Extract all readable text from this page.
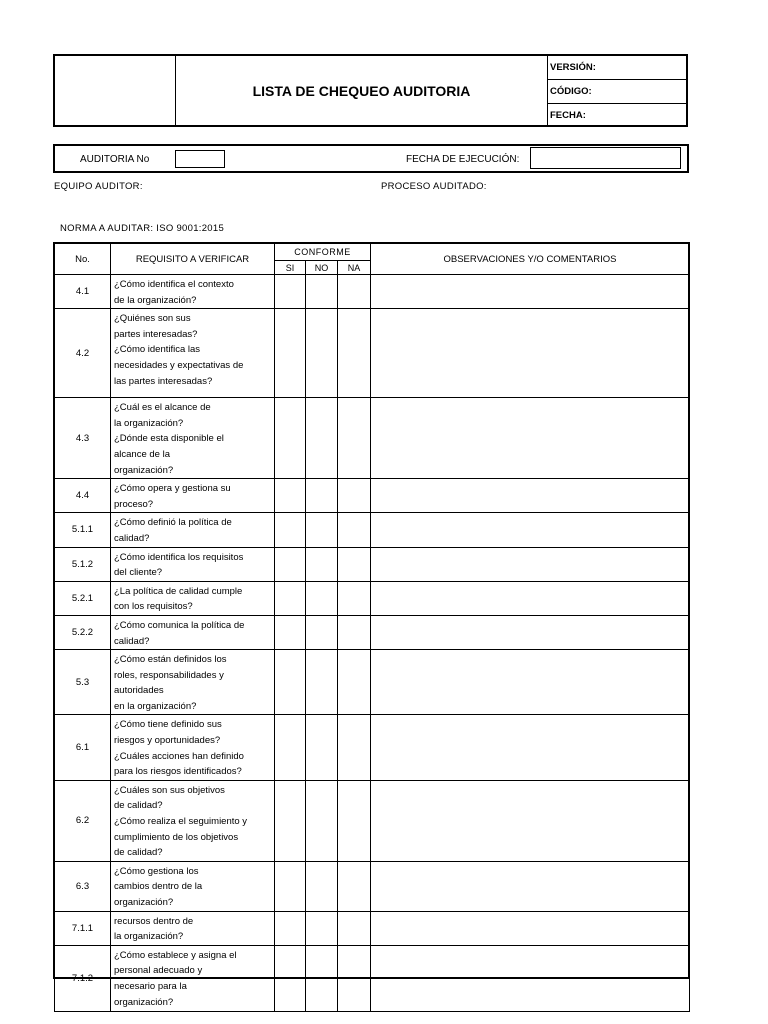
LISTA DE CHEQUEO AUDITORIA
VERSIÓN:
CÓDIGO:
FECHA:
AUDITORIA No	FECHA DE EJECUCIÓN:
EQUIPO AUDITOR:	PROCESO AUDITADO:
NORMA A AUDITAR: ISO 9001:2015
No.	REQUISITO A VERIFICAR	CONFORME			OBSERVACIONES Y/O COMENTARIOS
		SI	NO	NA	
4.1	¿Cómo identifica el contexto
de la organización?				
4.2	¿Quiénes son sus
partes interesadas?
¿Cómo identifica las
necesidades y expectativas de
las partes interesadas?				
4.3	¿Cuál es el alcance de
la organización?
¿Dónde esta disponible el
alcance de la
organización?				
4.4	¿Cómo opera y gestiona su
proceso?				
5.1.1	¿Cómo definió la política de
calidad?				
5.1.2	¿Cómo identifica los requisitos
del cliente?				
5.2.1	¿La política de calidad cumple
con los requisitos?				
5.2.2	¿Cómo comunica la política de
calidad?				
5.3	¿Cómo están definidos los
roles, responsabilidades y
autoridades
en la organización?				
6.1	¿Cómo tiene definido sus
riesgos y oportunidades?
¿Cuáles acciones han definido
para los riesgos identificados?				
6.2	¿Cuáles son sus objetivos
de calidad?
¿Cómo realiza el seguimiento y
cumplimiento de los objetivos
de calidad?				
6.3	¿Cómo gestiona los
cambios dentro de la
organización?				
7.1.1	recursos dentro de
la organización?				
7.1.2	¿Cómo establece y asigna el
personal adecuado y
necesario para la
organización?				
